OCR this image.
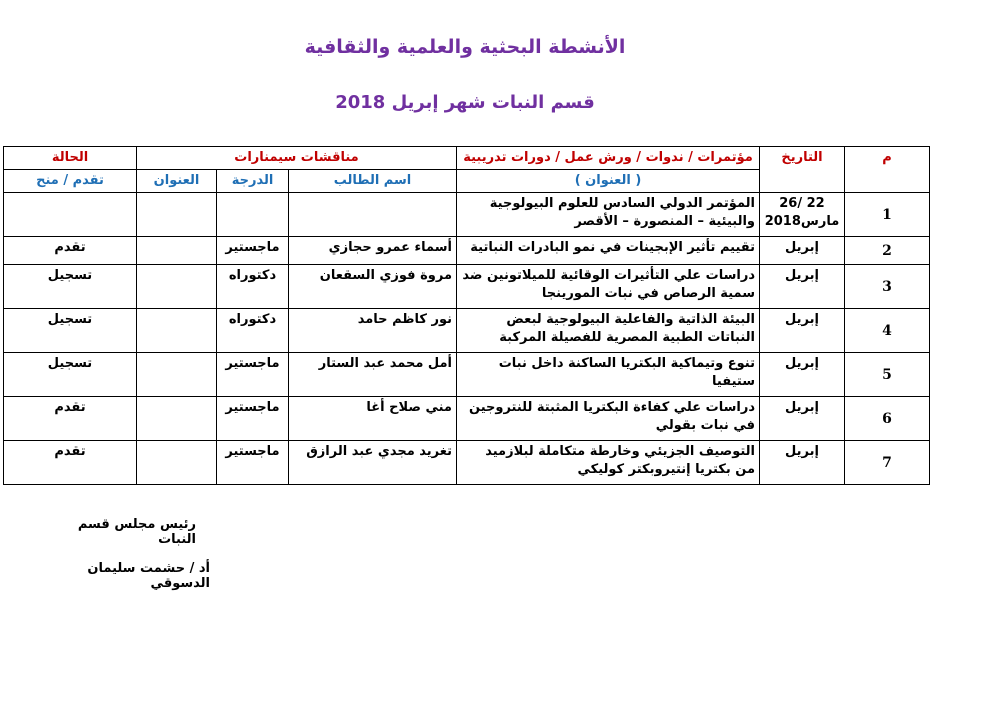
الأنشطة البحثية والعلمية والثقافية
قسم النبات شهر إبريل 2018
م	التاريخ	مؤتمرات / ندوات / ورش عمل / دورات تدريبية	مناقشات سيمنارات			الحالة
		( العنوان )	اسم الطالب	الدرجة	العنوان	تقدم / منح
1	22 /26 مارس2018	المؤتمر الدولي السادس للعلوم البيولوجية والبيئية – المنصورة – الأقصر				
2	إبريل	تقييم تأثير الإبجينات في نمو البادرات النباتية	أسماء عمرو حجازي	ماجستير		تقدم
3	إبريل	دراسات علي التأثيرات الوقائية للميلاتونين ضد سمية الرصاص في نبات المورينجا	مروة فوزي السقعان	دكتوراه		تسجيل
4	إبريل	البيئة الذاتية والفاعلية البيولوجية لبعض النباتات الطبية المصرية للفصيلة المركبة	نور كاظم حامد	دكتوراه		تسجيل
5	إبريل	تنوع وتيماكية البكتريا الساكنة داخل نبات ستيفيا	أمل محمد عبد الستار	ماجستير		تسجيل
6	إبريل	دراسات علي كفاءة البكتريا المثبتة للنتروجين في نبات بقولي	مني صلاح أغا	ماجستير		تقدم
7	إبريل	التوصيف الجزيئي وخارطة متكاملة لبلازميد من بكتريا إنتيروبكتر كوليكي	تغريد مجدي عبد الرازق	ماجستير		تقدم
رئيس مجلس قسم النبات
أد / حشمت سليمان الدسوقي
